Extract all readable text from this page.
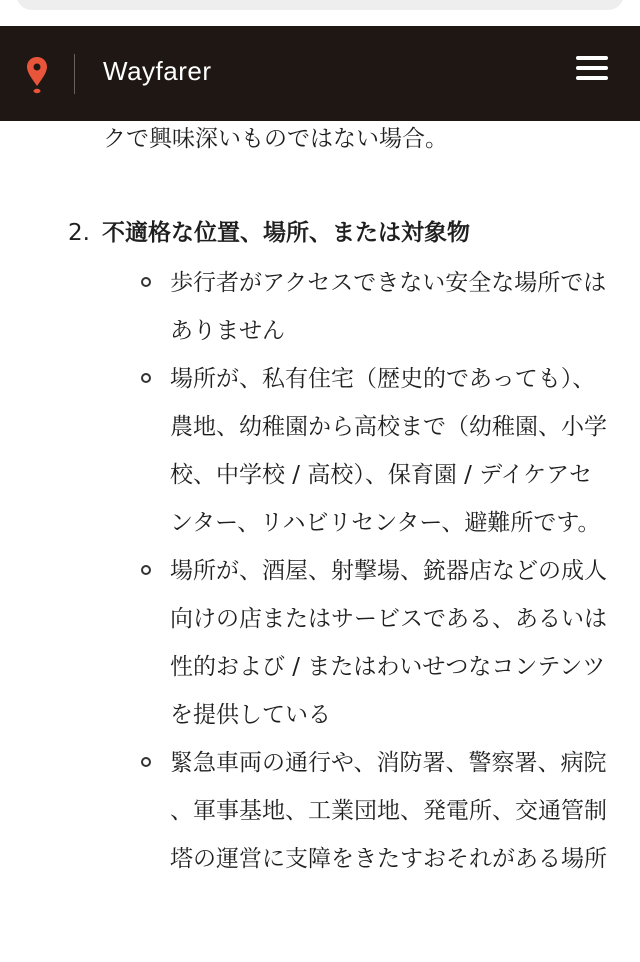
Wayfarer
クで興味深いものではない場合。
2. 不適格な位置、場所、または対象物
歩行者がアクセスできない安全な場所ではありません
場所が、私有住宅（歴史的であっても）、農地、幼稚園から高校まで（幼稚園、小学校、中学校 / 高校）、保育園 / デイケアセンター、リハビリセンター、避難所です。
場所が、酒屋、射撃場、銃器店などの成人向けの店またはサービスである、あるいは性的および / またはわいせつなコンテンツを提供している
緊急車両の通行や、消防署、警察署、病院、軍事基地、工業団地、発電所、交通管制塔の運営に支障をきたすおそれがある場所
